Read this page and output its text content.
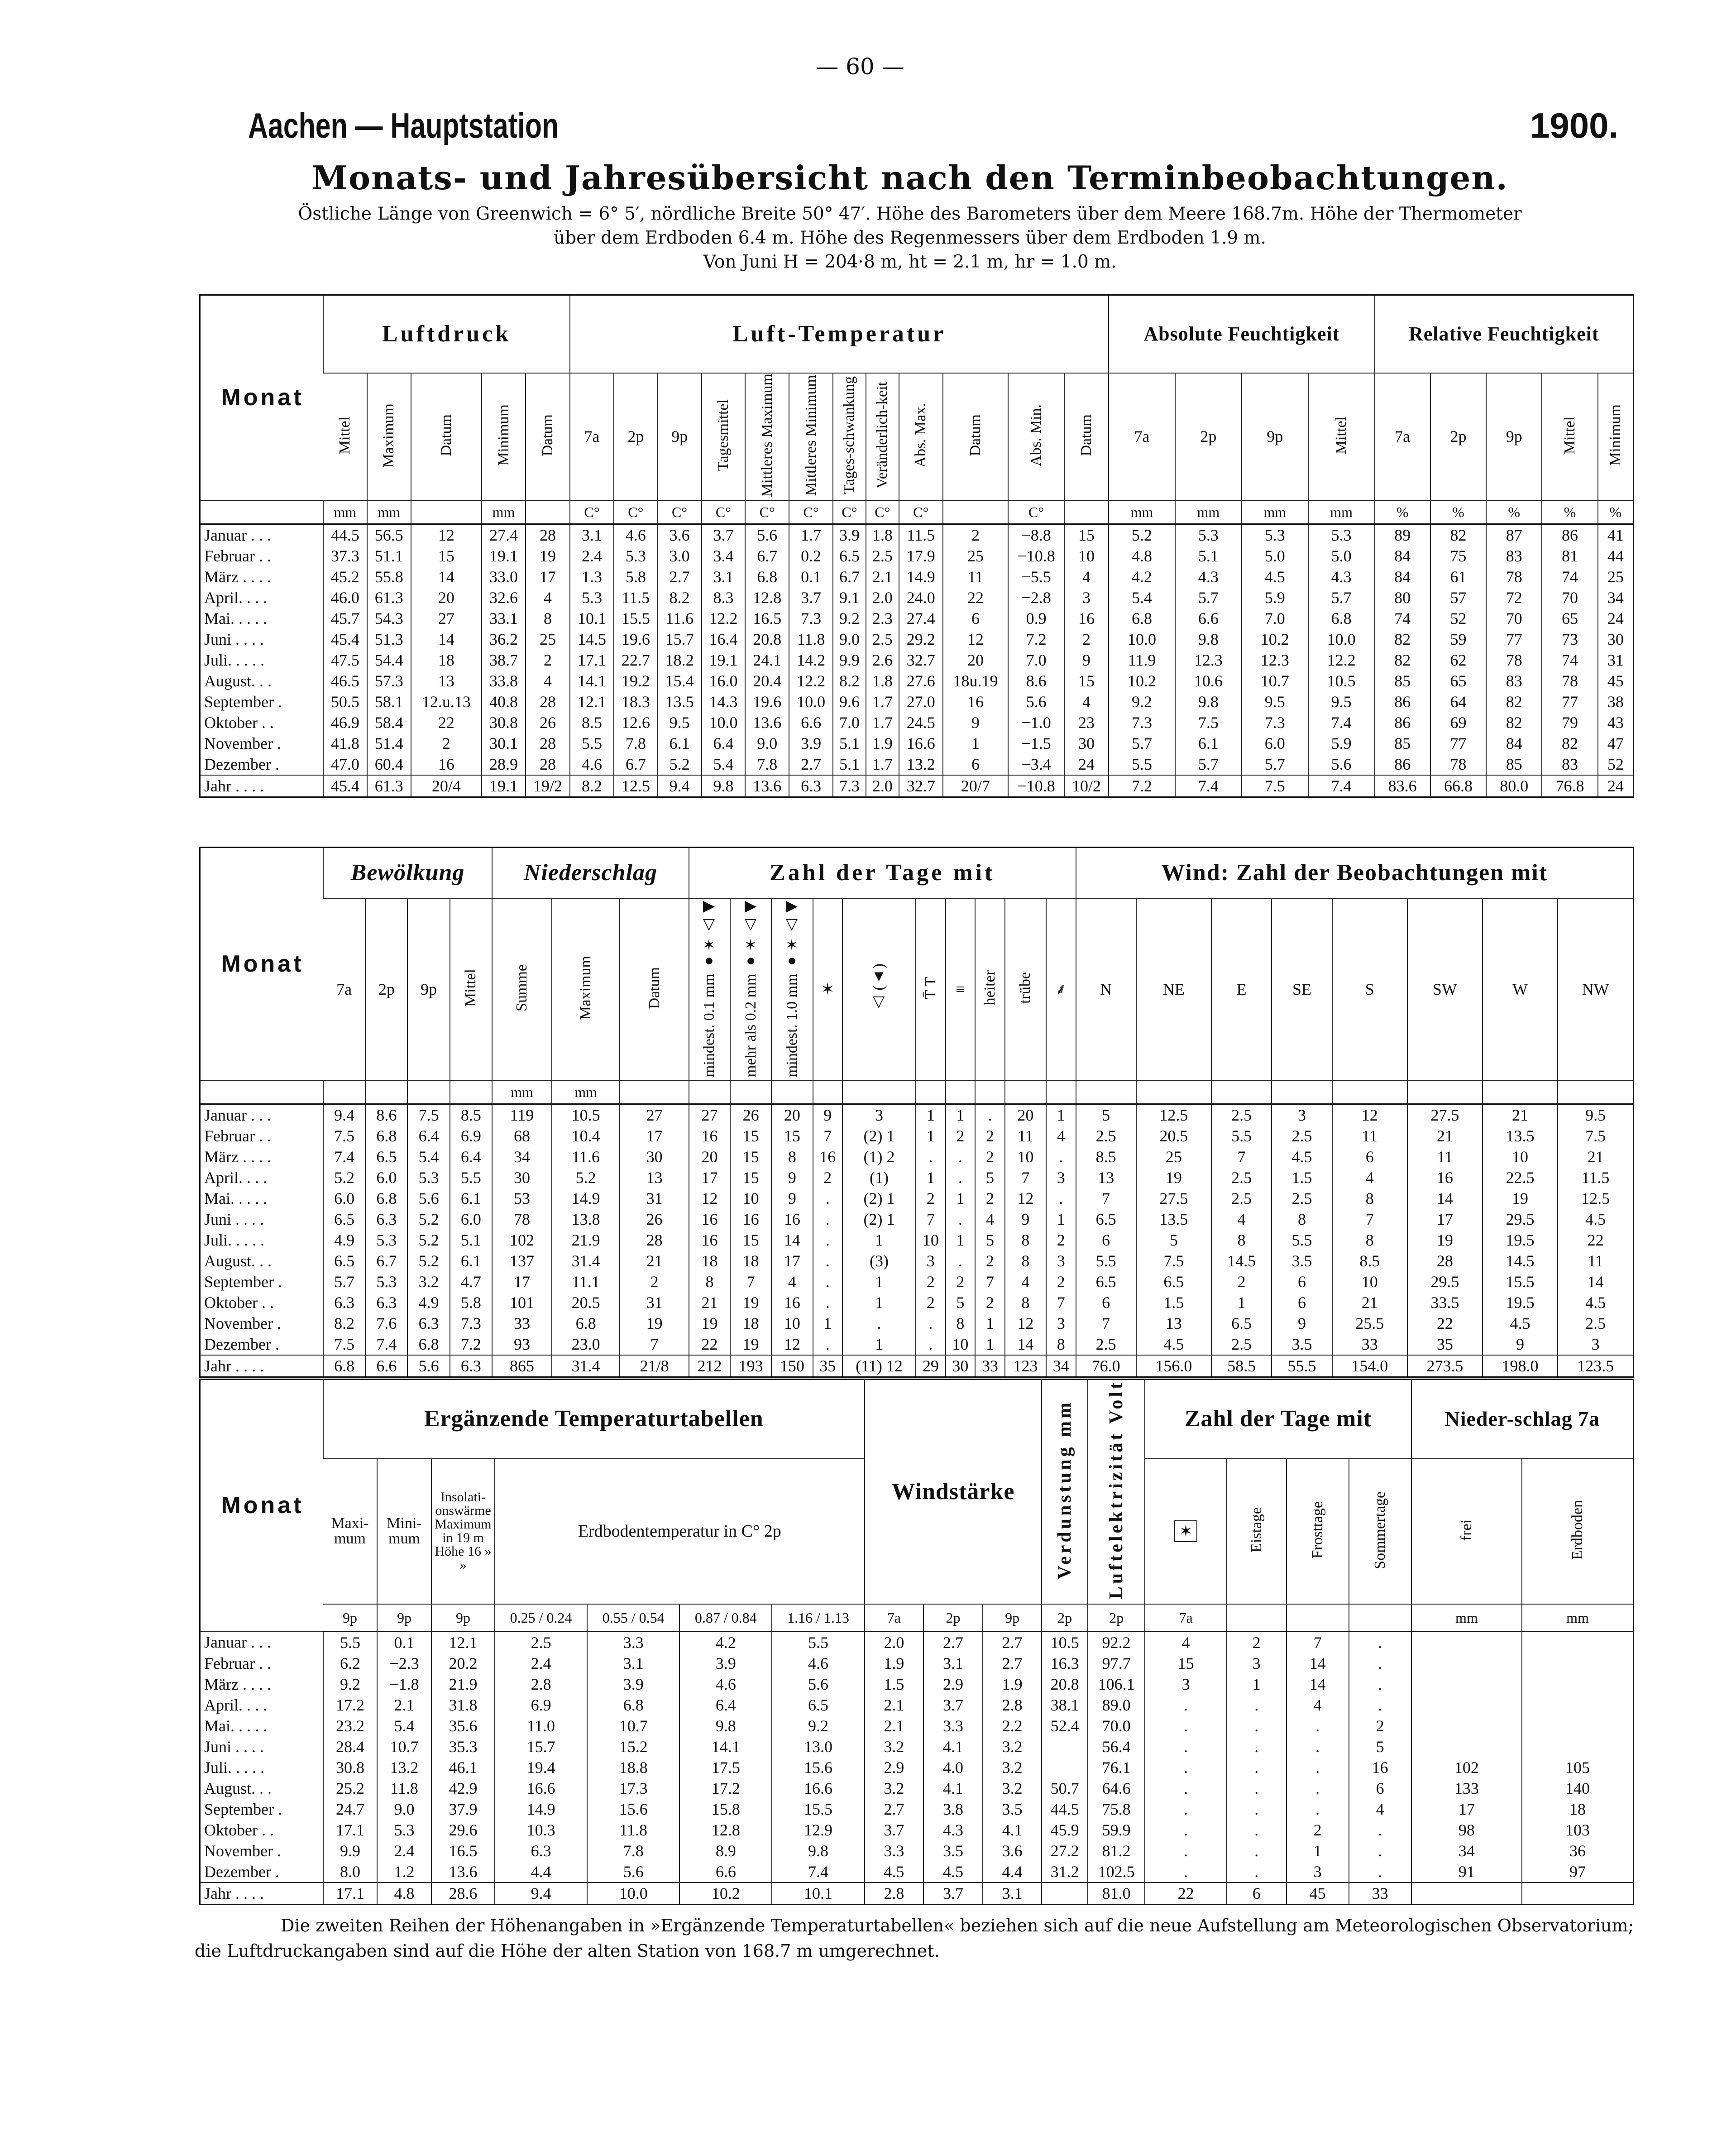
— 60 —
Aachen — Hauptstation	1900.
Monats- und Jahresübersicht nach den Terminbeobachtungen.
Östliche Länge von Greenwich = 6° 5′, nördliche Breite 50° 47′. Höhe des Barometers über dem Meere 168.7m. Höhe der Thermometer
über dem Erdboden 6.4 m. Höhe des Regenmessers über dem Erdboden 1.9 m.
Von Juni H = 204·8 m, ht = 2.1 m, hr = 1.0 m.
Monat	Luftdruck					Luft-Temperatur												Absolute Feuchtigkeit				Relative Feuchtigkeit				
	Mittel	Maximum	Datum	Minimum	Datum	7a	2p	9p	Tagesmittel	Mittleres Maximum	Mittleres Minimum	Tages-schwankung	Veränderlich-keit	Abs. Max.	Datum	Abs. Min.	Datum	7a	2p	9p	Mittel	7a	2p	9p	Mittel	Minimum
	mm	mm		mm		C°	C°	C°	C°	C°	C°	C°	C°	C°		C°		mm	mm	mm	mm	%	%	%	%	%
Januar . . .	44.5	56.5	12	27.4	28	3.1	4.6	3.6	3.7	5.6	1.7	3.9	1.8	11.5	2	−8.8	15	5.2	5.3	5.3	5.3	89	82	87	86	41
Februar . .	37.3	51.1	15	19.1	19	2.4	5.3	3.0	3.4	6.7	0.2	6.5	2.5	17.9	25	−10.8	10	4.8	5.1	5.0	5.0	84	75	83	81	44
März . . . .	45.2	55.8	14	33.0	17	1.3	5.8	2.7	3.1	6.8	0.1	6.7	2.1	14.9	11	−5.5	4	4.2	4.3	4.5	4.3	84	61	78	74	25
April. . . .	46.0	61.3	20	32.6	4	5.3	11.5	8.2	8.3	12.8	3.7	9.1	2.0	24.0	22	−2.8	3	5.4	5.7	5.9	5.7	80	57	72	70	34
Mai. . . . .	45.7	54.3	27	33.1	8	10.1	15.5	11.6	12.2	16.5	7.3	9.2	2.3	27.4	6	0.9	16	6.8	6.6	7.0	6.8	74	52	70	65	24
Juni . . . .	45.4	51.3	14	36.2	25	14.5	19.6	15.7	16.4	20.8	11.8	9.0	2.5	29.2	12	7.2	2	10.0	9.8	10.2	10.0	82	59	77	73	30
Juli. . . . .	47.5	54.4	18	38.7	2	17.1	22.7	18.2	19.1	24.1	14.2	9.9	2.6	32.7	20	7.0	9	11.9	12.3	12.3	12.2	82	62	78	74	31
August. . .	46.5	57.3	13	33.8	4	14.1	19.2	15.4	16.0	20.4	12.2	8.2	1.8	27.6	18u.19	8.6	15	10.2	10.6	10.7	10.5	85	65	83	78	45
September .	50.5	58.1	12.u.13	40.8	28	12.1	18.3	13.5	14.3	19.6	10.0	9.6	1.7	27.0	16	5.6	4	9.2	9.8	9.5	9.5	86	64	82	77	38
Oktober . .	46.9	58.4	22	30.8	26	8.5	12.6	9.5	10.0	13.6	6.6	7.0	1.7	24.5	9	−1.0	23	7.3	7.5	7.3	7.4	86	69	82	79	43
November .	41.8	51.4	2	30.1	28	5.5	7.8	6.1	6.4	9.0	3.9	5.1	1.9	16.6	1	−1.5	30	5.7	6.1	6.0	5.9	85	77	84	82	47
Dezember .	47.0	60.4	16	28.9	28	4.6	6.7	5.2	5.4	7.8	2.7	5.1	1.7	13.2	6	−3.4	24	5.5	5.7	5.7	5.6	86	78	85	83	52
Jahr . . . .	45.4	61.3	20/4	19.1	19/2	8.2	12.5	9.4	9.8	13.6	6.3	7.3	2.0	32.7	20/7	−10.8	10/2	7.2	7.4	7.5	7.4	83.6	66.8	80.0	76.8	24
Monat	Bewölkung				Niederschlag			Zahl der Tage mit										Wind: Zahl der Beobachtungen mit							
	7a	2p	9p	Mittel	Summe	Maximum	Datum	mindest. 0.1 mm ●✶△◀	mehr als 0.2 mm ●✶△◀	mindest. 1.0 mm ●✶△◀	✶	△ (▲)	T̄ T	≡	heiter	trübe	⸙	N	NE	E	SE	S	SW	W	NW
					mm	mm																			
Januar . . .	9.4	8.6	7.5	8.5	119	10.5	27	27	26	20	9	3	1	1	.	20	1	5	12.5	2.5	3	12	27.5	21	9.5
Februar . .	7.5	6.8	6.4	6.9	68	10.4	17	16	15	15	7	(2) 1	1	2	2	11	4	2.5	20.5	5.5	2.5	11	21	13.5	7.5
März . . . .	7.4	6.5	5.4	6.4	34	11.6	30	20	15	8	16	(1) 2	.	.	2	10	.	8.5	25	7	4.5	6	11	10	21
April. . . .	5.2	6.0	5.3	5.5	30	5.2	13	17	15	9	2	(1)	1	.	5	7	3	13	19	2.5	1.5	4	16	22.5	11.5
Mai. . . . .	6.0	6.8	5.6	6.1	53	14.9	31	12	10	9	.	(2) 1	2	1	2	12	.	7	27.5	2.5	2.5	8	14	19	12.5
Juni . . . .	6.5	6.3	5.2	6.0	78	13.8	26	16	16	16	.	(2) 1	7	.	4	9	1	6.5	13.5	4	8	7	17	29.5	4.5
Juli. . . . .	4.9	5.3	5.2	5.1	102	21.9	28	16	15	14	.	1	10	1	5	8	2	6	5	8	5.5	8	19	19.5	22
August. . .	6.5	6.7	5.2	6.1	137	31.4	21	18	18	17	.	(3)	3	.	2	8	3	5.5	7.5	14.5	3.5	8.5	28	14.5	11
September .	5.7	5.3	3.2	4.7	17	11.1	2	8	7	4	.	1	2	2	7	4	2	6.5	6.5	2	6	10	29.5	15.5	14
Oktober . .	6.3	6.3	4.9	5.8	101	20.5	31	21	19	16	.	1	2	5	2	8	7	6	1.5	1	6	21	33.5	19.5	4.5
November .	8.2	7.6	6.3	7.3	33	6.8	19	19	18	10	1	.	.	8	1	12	3	7	13	6.5	9	25.5	22	4.5	2.5
Dezember .	7.5	7.4	6.8	7.2	93	23.0	7	22	19	12	.	1	.	10	1	14	8	2.5	4.5	2.5	3.5	33	35	9	3
Jahr . . . .	6.8	6.6	5.6	6.3	865	31.4	21/8	212	193	150	35	(11) 12	29	30	33	123	34	76.0	156.0	58.5	55.5	154.0	273.5	198.0	123.5
Monat	Ergänzende Temperaturtabellen							Windstärke			Verdunstung mm	Luftelektrizität Volt	Zahl der Tage mit				Nieder-schlag 7a	
	Maxi-mum	Mini-mum	Insolati-onswärme Maximum in 19 m Höhe 16 » »	Erdbodentemperatur in C° 2p									✶	Eistage	Frosttage	Sommertage	frei	Erdboden
	9p	9p	9p	0.25 / 0.24	0.55 / 0.54	0.87 / 0.84	1.16 / 1.13	7a	2p	9p	2p	2p	7a				mm	mm
Januar . . .	5.5	0.1	12.1	2.5	3.3	4.2	5.5	2.0	2.7	2.7	10.5	92.2	4	2	7	.		
Februar . .	6.2	−2.3	20.2	2.4	3.1	3.9	4.6	1.9	3.1	2.7	16.3	97.7	15	3	14	.		
März . . . .	9.2	−1.8	21.9	2.8	3.9	4.6	5.6	1.5	2.9	1.9	20.8	106.1	3	1	14	.		
April. . . .	17.2	2.1	31.8	6.9	6.8	6.4	6.5	2.1	3.7	2.8	38.1	89.0	.	.	4	.		
Mai. . . . .	23.2	5.4	35.6	11.0	10.7	9.8	9.2	2.1	3.3	2.2	52.4	70.0	.	.	.	2		
Juni . . . .	28.4	10.7	35.3	15.7	15.2	14.1	13.0	3.2	4.1	3.2		56.4	.	.	.	5		
Juli. . . . .	30.8	13.2	46.1	19.4	18.8	17.5	15.6	2.9	4.0	3.2		76.1	.	.	.	16	102	105
August. . .	25.2	11.8	42.9	16.6	17.3	17.2	16.6	3.2	4.1	3.2	50.7	64.6	.	.	.	6	133	140
September .	24.7	9.0	37.9	14.9	15.6	15.8	15.5	2.7	3.8	3.5	44.5	75.8	.	.	.	4	17	18
Oktober . .	17.1	5.3	29.6	10.3	11.8	12.8	12.9	3.7	4.3	4.1	45.9	59.9	.	.	2	.	98	103
November .	9.9	2.4	16.5	6.3	7.8	8.9	9.8	3.3	3.5	3.6	27.2	81.2	.	.	1	.	34	36
Dezember .	8.0	1.2	13.6	4.4	5.6	6.6	7.4	4.5	4.5	4.4	31.2	102.5	.	.	3	.	91	97
Jahr . . . .	17.1	4.8	28.6	9.4	10.0	10.2	10.1	2.8	3.7	3.1		81.0	22	6	45	33		
Die zweiten Reihen der Höhenangaben in »Ergänzende Temperaturtabellen« beziehen sich auf die neue Aufstellung am Meteorologischen Observatorium; die Luftdruckangaben sind auf die Höhe der alten Station von 168.7 m umgerechnet.
